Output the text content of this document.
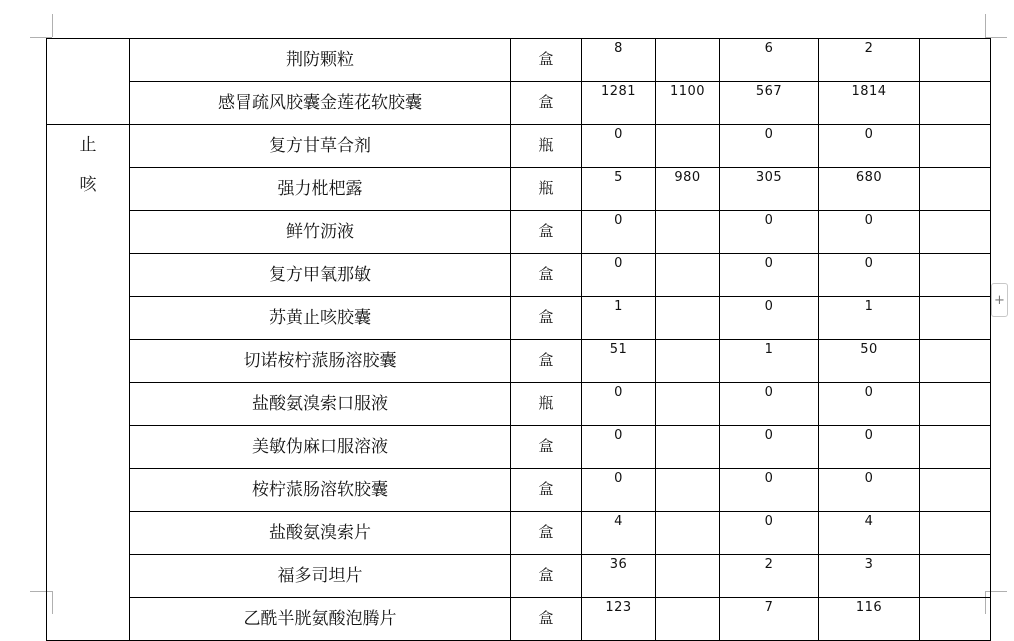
	荆防颗粒	盒	8		6	2	
	感冒疏风胶囊金莲花软胶囊	盒	1281	1100	567	1814	

止
咳	复方甘草合剂	瓶	0		0	0	
	强力枇杷露	瓶	5	980	305	680	
	鲜竹沥液	盒	0		0	0	
	复方甲氧那敏	盒	0		0	0	
	苏黄止咳胶囊	盒	1		0	1	
	切诺桉柠蒎肠溶胶囊	盒	51		1	50	
	盐酸氨溴索口服液	瓶	0		0	0	
	美敏伪麻口服溶液	盒	0		0	0	
	桉柠蒎肠溶软胶囊	盒	0		0	0	
	盐酸氨溴索片	盒	4		0	4	
	福多司坦片	盒	36		2	3	
	乙酰半胱氨酸泡腾片	盒	123		7	116	
+
